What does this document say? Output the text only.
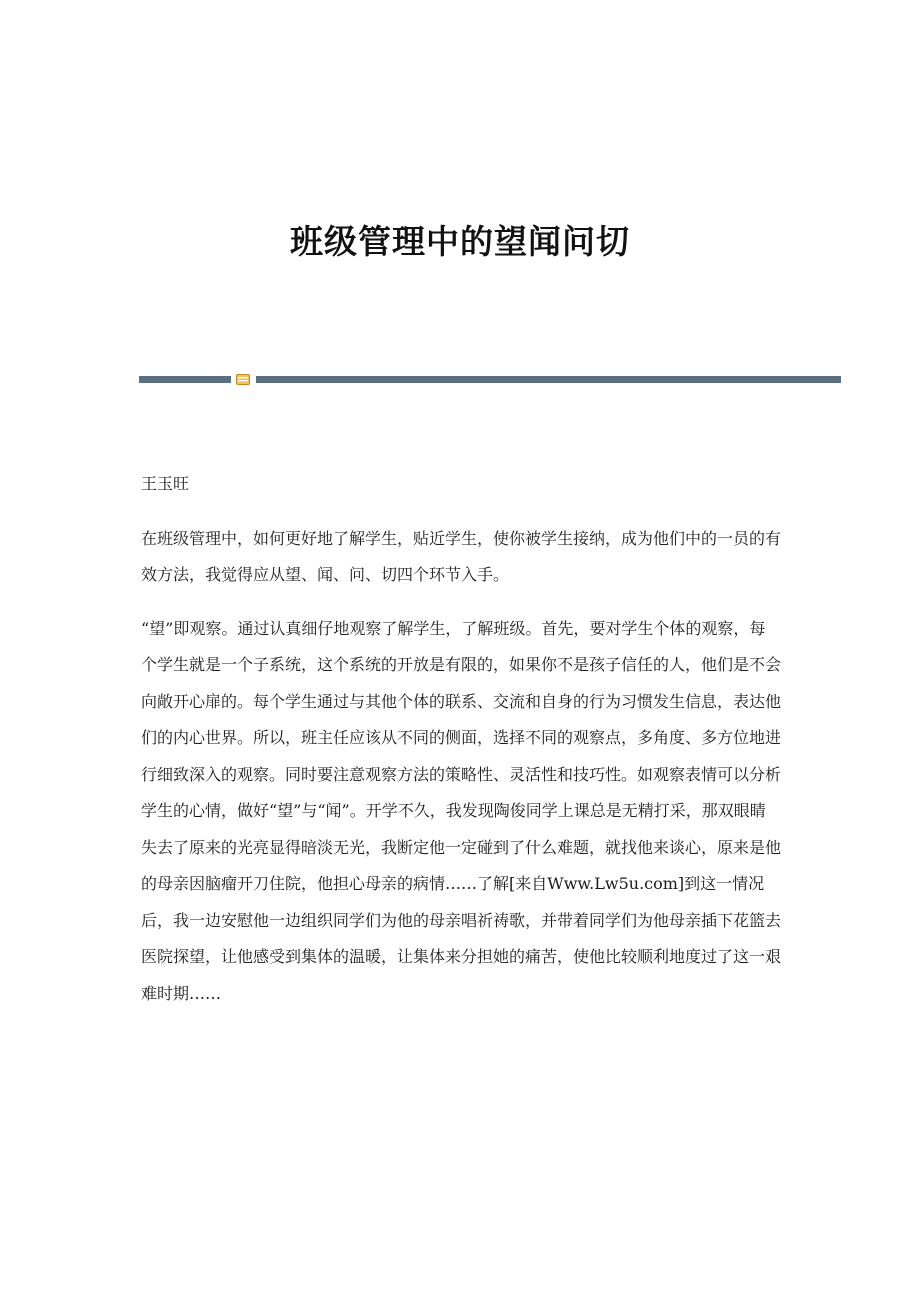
班级管理中的望闻问切
王玉旺

在班级管理中，如何更好地了解学生，贴近学生，使你被学生接纳，成为他们中的一员的有效方法，我觉得应从望、闻、问、切四个环节入手。

“望”即观察。通过认真细仔地观察了解学生，了解班级。首先，要对学生个体的观察，每个学生就是一个子系统，这个系统的开放是有限的，如果你不是孩子信任的人，他们是不会向敞开心扉的。每个学生通过与其他个体的联系、交流和自身的行为习惯发生信息，表达他们的内心世界。所以，班主任应该从不同的侧面，选择不同的观察点，多角度、多方位地进行细致深入的观察。同时要注意观察方法的策略性、灵活性和技巧性。如观察表情可以分析学生的心情，做好“望”与“闻”。开学不久，我发现陶俊同学上课总是无精打采，那双眼睛失去了原来的光亮显得暗淡无光，我断定他一定碰到了什么难题，就找他来谈心，原来是他的母亲因脑瘤开刀住院，他担心母亲的病情……了解[来自Www.Lw5u.com]到这一情况后，我一边安慰他一边组织同学们为他的母亲唱祈祷歌，并带着同学们为他母亲插下花篮去医院探望，让他感受到集体的温暖，让集体来分担她的痛苦，使他比较顺利地度过了这一艰难时期……
